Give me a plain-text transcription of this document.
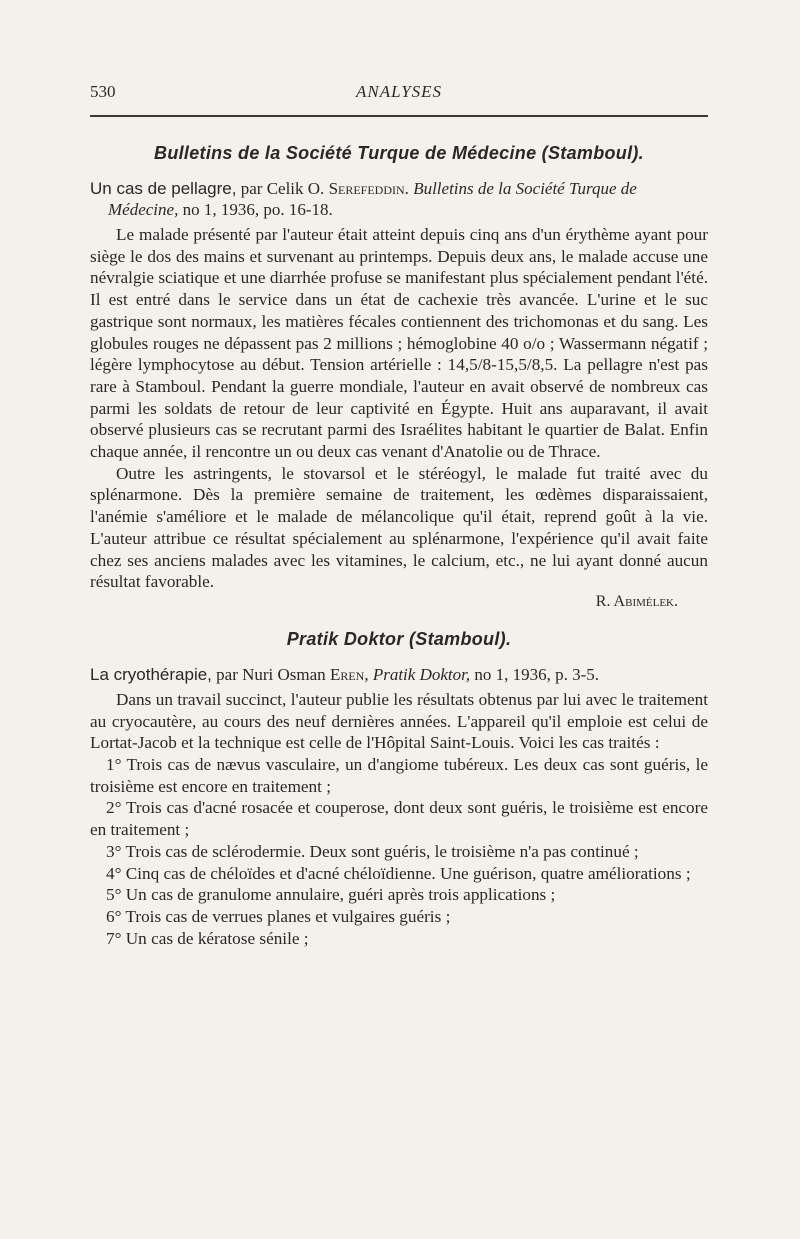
530	ANALYSES
Bulletins de la Société Turque de Médecine (Stamboul).
Un cas de pellagre, par Celik O. Serefeddin. Bulletins de la Société Turque de Médecine, no 1, 1936, po. 16-18.

Le malade présenté par l'auteur était atteint depuis cinq ans d'un érythème ayant pour siège le dos des mains et survenant au printemps. Depuis deux ans, le malade accuse une névralgie sciatique et une diarrhée profuse se manifestant plus spécialement pendant l'été. Il est entré dans le service dans un état de cachexie très avancée. L'urine et le suc gastrique sont normaux, les matières fécales contiennent des trichomonas et du sang. Les globules rouges ne dépassent pas 2 millions ; hémoglobine 40 o/o ; Wassermann négatif ; légère lymphocytose au début. Tension artérielle : 14,5/8-15,5/8,5. La pellagre n'est pas rare à Stamboul. Pendant la guerre mondiale, l'auteur en avait observé de nombreux cas parmi les soldats de retour de leur captivité en Égypte. Huit ans auparavant, il avait observé plusieurs cas se recrutant parmi des Israélites habitant le quartier de Balat. Enfin chaque année, il rencontre un ou deux cas venant d'Anatolie ou de Thrace.

Outre les astringents, le stovarsol et le stéréogyl, le malade fut traité avec du splénarmone. Dès la première semaine de traitement, les œdèmes disparaissaient, l'anémie s'améliore et le malade de mélancolique qu'il était, reprend goût à la vie. L'auteur attribue ce résultat spécialement au splénarmone, l'expérience qu'il avait faite chez ses anciens malades avec les vitamines, le calcium, etc., ne lui ayant donné aucun résultat favorable.

R. Abimélek.
Pratik Doktor (Stamboul).
La cryothérapie, par Nuri Osman Eren, Pratik Doktor, no 1, 1936, p. 3-5.

Dans un travail succinct, l'auteur publie les résultats obtenus par lui avec le traitement au cryocautère, au cours des neuf dernières années. L'appareil qu'il emploie est celui de Lortat-Jacob et la technique est celle de l'Hôpital Saint-Louis. Voici les cas traités :

1° Trois cas de nævus vasculaire, un d'angiome tubéreux. Les deux cas sont guéris, le troisième est encore en traitement ;

2° Trois cas d'acné rosacée et couperose, dont deux sont guéris, le troisième est encore en traitement ;

3° Trois cas de sclérodermie. Deux sont guéris, le troisième n'a pas continué ;

4° Cinq cas de chéloïdes et d'acné chéloïdienne. Une guérison, quatre améliorations ;

5° Un cas de granulome annulaire, guéri après trois applications ;

6° Trois cas de verrues planes et vulgaires guéris ;

7° Un cas de kératose sénile ;
